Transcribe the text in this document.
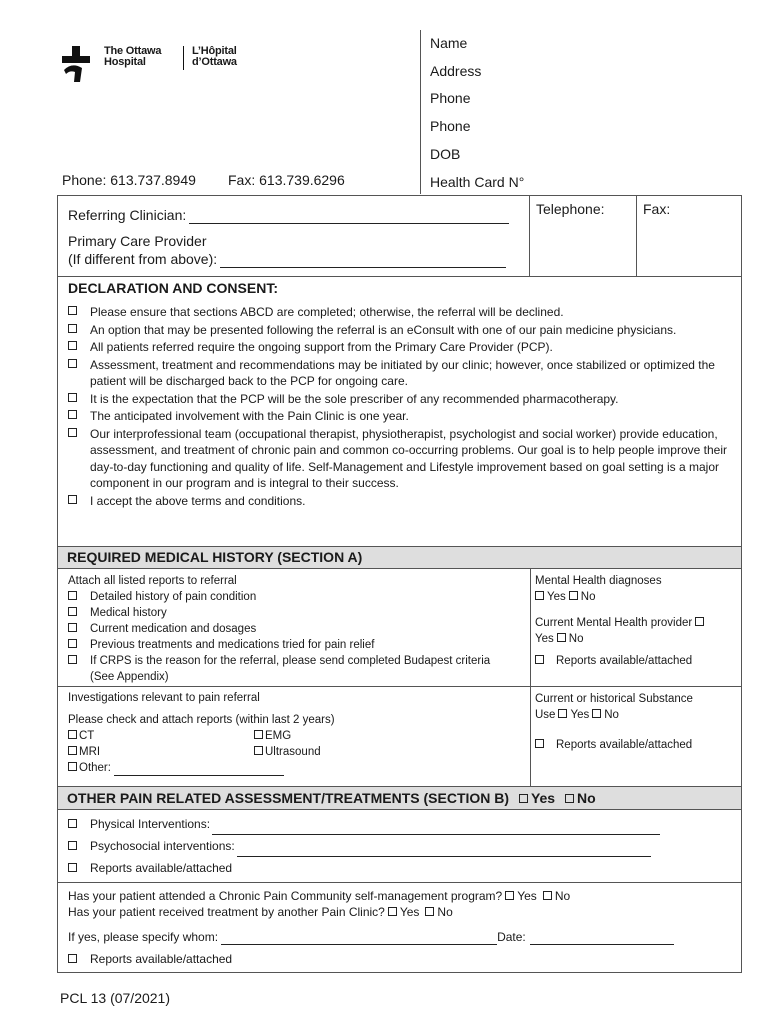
The Ottawa
Hospital
L’Hôpital
d’Ottawa
Phone: 613.737.8949 Fax: 613.739.6296
Name
Address
Phone
Phone
DOB
Health Card N°
Referring Clinician:
Primary Care Provider
(If different from above):
Telephone:	Fax:
DECLARATION AND CONSENT:
Please ensure that sections ABCD are completed; otherwise, the referral will be declined.
An option that may be presented following the referral is an eConsult with one of our pain medicine physicians.
All patients referred require the ongoing support from the Primary Care Provider (PCP).
Assessment, treatment and recommendations may be initiated by our clinic; however, once stabilized or optimized the patient will be discharged back to the PCP for ongoing care.
It is the expectation that the PCP will be the sole prescriber of any recommended pharmacotherapy.
The anticipated involvement with the Pain Clinic is one year.
Our interprofessional team (occupational therapist, physiotherapist, psychologist and social worker) provide education, assessment, and treatment of chronic pain and common co-occurring problems. Our goal is to help people improve their day-to-day functioning and quality of life. Self-Management and Lifestyle improvement based on goal setting is a major component in our program and is integral to their success.
I accept the above terms and conditions.
REQUIRED MEDICAL HISTORY (SECTION A)
Attach all listed reports to referral
Detailed history of pain condition
Medical history
Current medication and dosages
Previous treatments and medications tried for pain relief
If CRPS is the reason for the referral, please send completed Budapest criteria (See Appendix)
Mental Health diagnoses
Yes No
Current Mental Health provider
Yes No
Reports available/attached
Investigations relevant to pain referral
Please check and attach reports (within last 2 years)
CT
MRI
Other:
EMG
Ultrasound
Current or historical Substance
Use Yes No
Reports available/attached
OTHER PAIN RELATED ASSESSMENT/TREATMENTS (SECTION B) Yes No
Physical Interventions:
Psychosocial interventions:
Reports available/attached
Has your patient attended a Chronic Pain Community self-management program? Yes No
Has your patient received treatment by another Pain Clinic? Yes No
If yes, please specify whom:	Date:
Reports available/attached
PCL 13 (07/2021)
